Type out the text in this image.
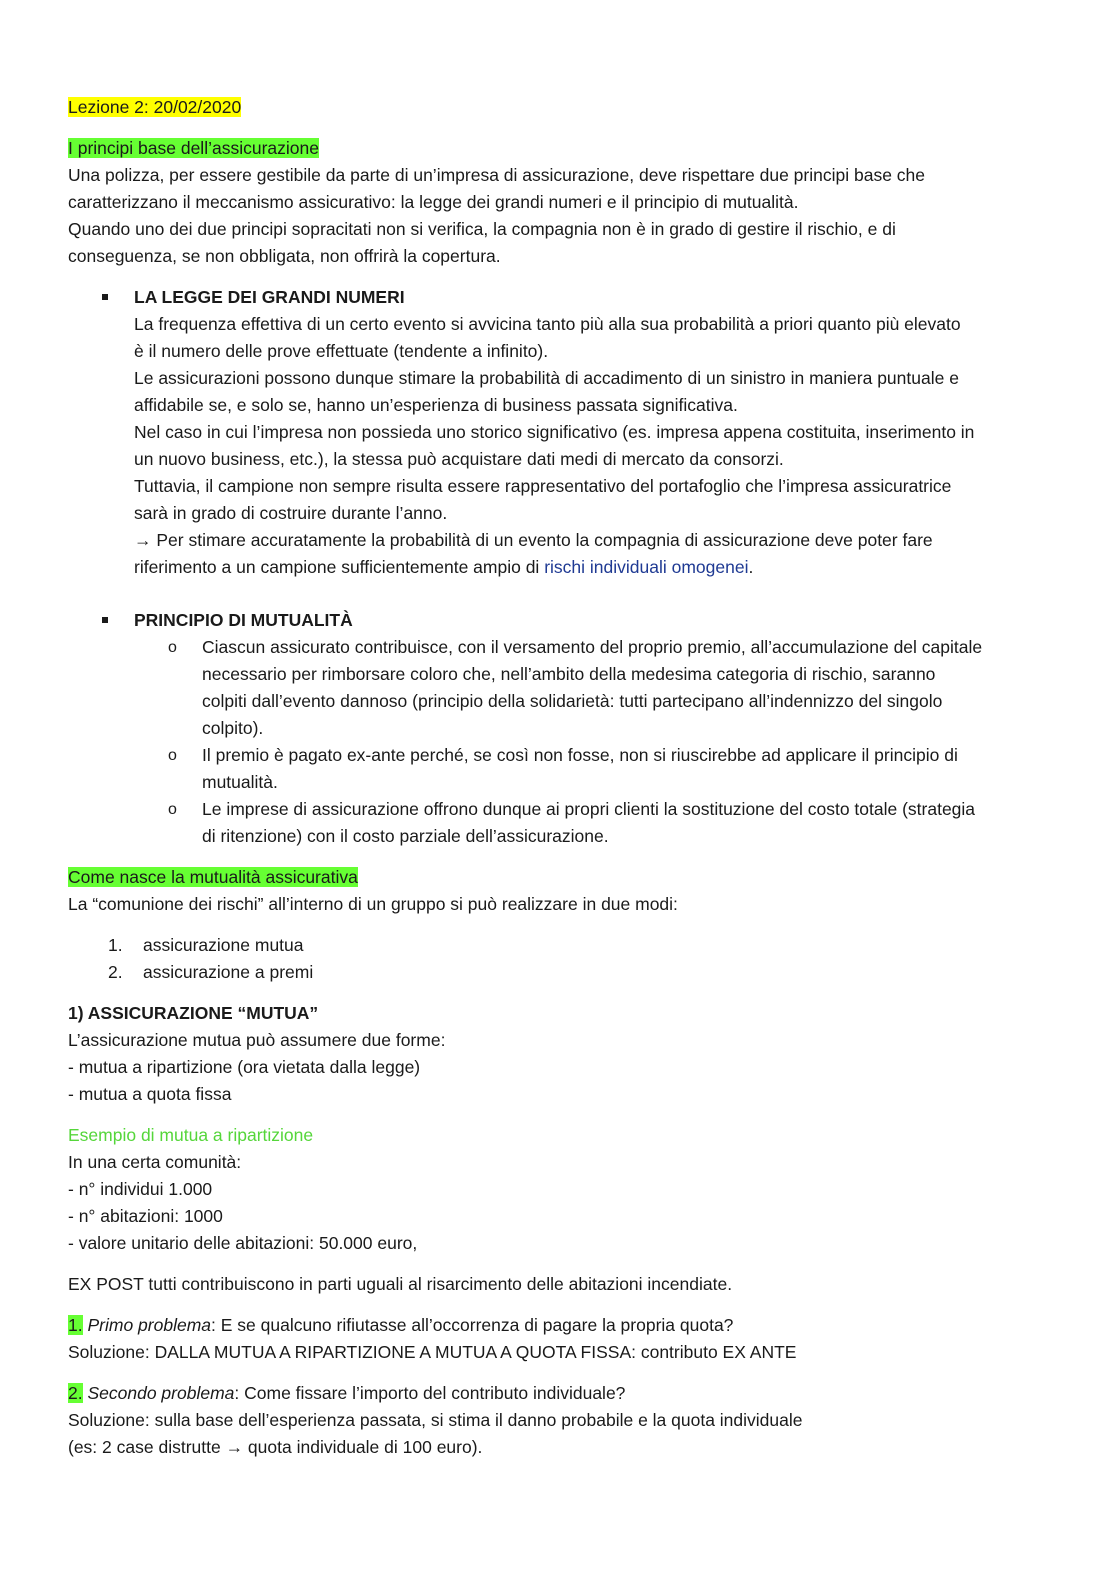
Lezione 2: 20/02/2020

I principi base dell’assicurazione

Una polizza, per essere gestibile da parte di un’impresa di assicurazione, deve rispettare due principi base che

caratterizzano il meccanismo assicurativo: la legge dei grandi numeri e il principio di mutualità.

Quando uno dei due principi sopracitati non si verifica, la compagnia non è in grado di gestire il rischio, e di

conseguenza, se non obbligata, non offrirà la copertura.

LA LEGGE DEI GRANDI NUMERI

La frequenza effettiva di un certo evento si avvicina tanto più alla sua probabilità a priori quanto più elevato

è il numero delle prove effettuate (tendente a infinito).

Le assicurazioni possono dunque stimare la probabilità di accadimento di un sinistro in maniera puntuale e

affidabile se, e solo se, hanno un’esperienza di business passata significativa.

Nel caso in cui l’impresa non possieda uno storico significativo (es. impresa appena costituita, inserimento in

un nuovo business, etc.), la stessa può acquistare dati medi di mercato da consorzi.

Tuttavia, il campione non sempre risulta essere rappresentativo del portafoglio che l’impresa assicuratrice

sarà in grado di costruire durante l’anno.

→ Per stimare accuratamente la probabilità di un evento la compagnia di assicurazione deve poter fare

riferimento a un campione sufficientemente ampio di rischi individuali omogenei.

PRINCIPIO DI MUTUALITÀ

o Ciascun assicurato contribuisce, con il versamento del proprio premio, all’accumulazione del capitale

necessario per rimborsare coloro che, nell’ambito della medesima categoria di rischio, saranno

colpiti dall’evento dannoso (principio della solidarietà: tutti partecipano all’indennizzo del singolo

colpito).

o Il premio è pagato ex-ante perché, se così non fosse, non si riuscirebbe ad applicare il principio di

mutualità.

o Le imprese di assicurazione offrono dunque ai propri clienti la sostituzione del costo totale (strategia

di ritenzione) con il costo parziale dell’assicurazione.

Come nasce la mutualità assicurativa

La “comunione dei rischi” all’interno di un gruppo si può realizzare in due modi:

1. assicurazione mutua
2. assicurazione a premi

1) ASSICURAZIONE “MUTUA”

L’assicurazione mutua può assumere due forme:

- mutua a ripartizione (ora vietata dalla legge)

- mutua a quota fissa

Esempio di mutua a ripartizione

In una certa comunità:

- n° individui 1.000

- n° abitazioni: 1000

- valore unitario delle abitazioni: 50.000 euro,

EX POST tutti contribuiscono in parti uguali al risarcimento delle abitazioni incendiate.

1. Primo problema: E se qualcuno rifiutasse all’occorrenza di pagare la propria quota?

Soluzione: DALLA MUTUA A RIPARTIZIONE A MUTUA A QUOTA FISSA: contributo EX ANTE

2. Secondo problema: Come fissare l’importo del contributo individuale?

Soluzione: sulla base dell’esperienza passata, si stima il danno probabile e la quota individuale

(es: 2 case distrutte → quota individuale di 100 euro).
